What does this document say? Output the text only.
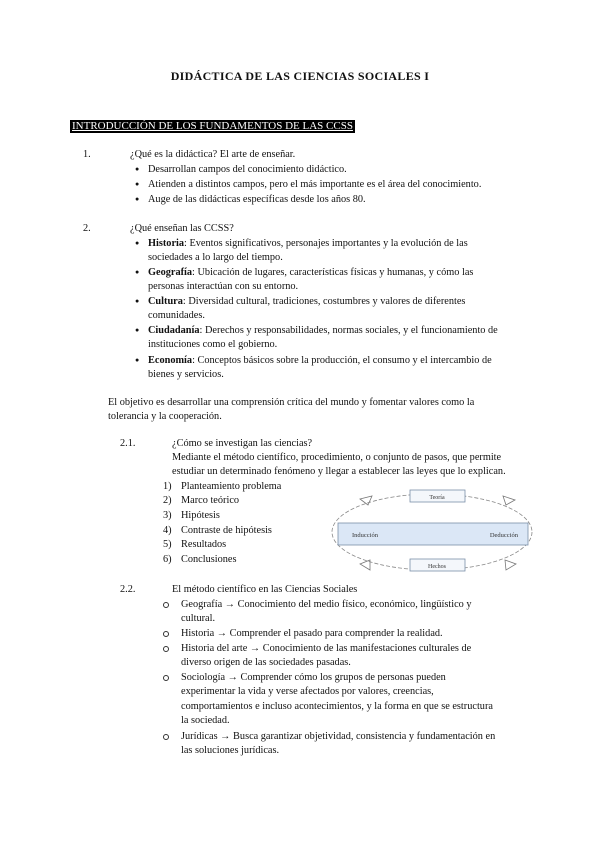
DIDÁCTICA DE LAS CIENCIAS SOCIALES I
INTRODUCCIÓN DE LOS FUNDAMENTOS DE LAS CCSS
1.	¿Qué es la didáctica? El arte de enseñar.
● Desarrollan campos del conocimiento didáctico.
● Atienden a distintos campos, pero el más importante es el área del conocimiento.
● Auge de las didácticas específicas desde los años 80.
2.	¿Qué enseñan las CCSS?
● Historia: Eventos significativos, personajes importantes y la evolución de las
sociedades a lo largo del tiempo.
● Geografía: Ubicación de lugares, características físicas y humanas, y cómo las
personas interactúan con su entorno.
● Cultura: Diversidad cultural, tradiciones, costumbres y valores de diferentes
comunidades.
● Ciudadanía: Derechos y responsabilidades, normas sociales, y el funcionamiento de
instituciones como el gobierno.
● Economía: Conceptos básicos sobre la producción, el consumo y el intercambio de
bienes y servicios.
El objetivo es desarrollar una comprensión crítica del mundo y fomentar valores como la
tolerancia y la cooperación.
2.1.	¿Cómo se investigan las ciencias?
Mediante el método científico, procedimiento, o conjunto de pasos, que permite
estudiar un determinado fenómeno y llegar a establecer las leyes que lo explican.
1) Planteamiento problema
2) Marco teórico
3) Hipótesis
4) Contraste de hipótesis
5) Resultados
6) Conclusiones
Teoría
Inducción	Deducción
Hechos
2.2.	El método científico en las Ciencias Sociales
Geografía → Conocimiento del medio físico, económico, lingüístico y
cultural.
Historia → Comprender el pasado para comprender la realidad.
Historia del arte → Conocimiento de las manifestaciones culturales de
diverso origen de las sociedades pasadas.
Sociología → Comprender cómo los grupos de personas pueden
experimentar la vida y verse afectados por valores, creencias,
comportamientos e incluso acontecimientos, y la forma en que se estructura
la sociedad.
Jurídicas → Busca garantizar objetividad, consistencia y fundamentación en
las soluciones jurídicas.
